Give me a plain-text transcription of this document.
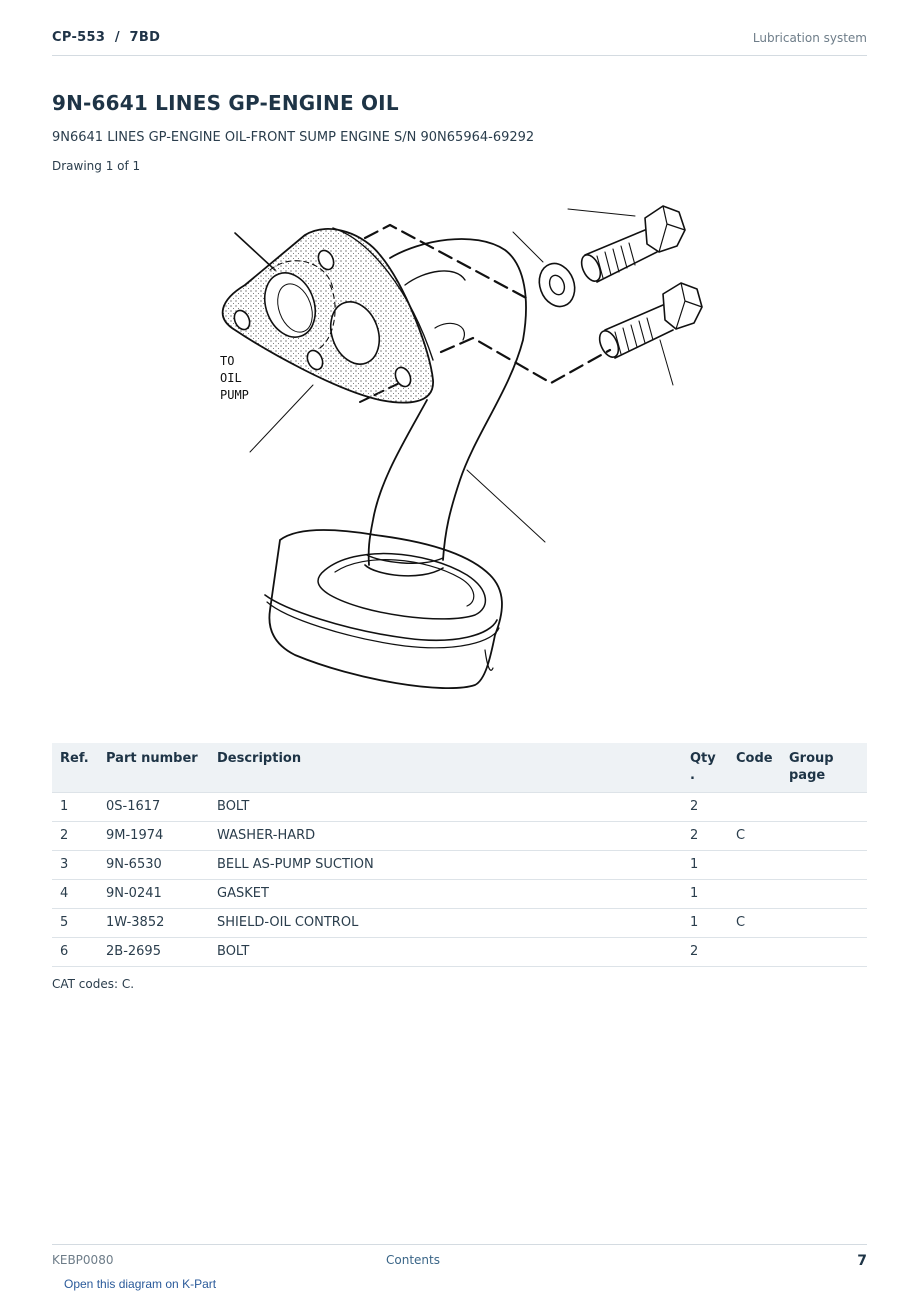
CP-553  /  7BD	Lubrication system
9N-6641 LINES GP-ENGINE OIL
9N6641 LINES GP-ENGINE OIL-FRONT SUMP ENGINE S/N 90N65964-69292
Drawing 1 of 1
TO
OIL
PUMP
Ref.	Part number	Description	Qty .	Code	Group page
1	0S-1617	BOLT	2		
2	9M-1974	WASHER-HARD	2	C	
3	9N-6530	BELL AS-PUMP SUCTION	1		
4	9N-0241	GASKET	1		
5	1W-3852	SHIELD-OIL CONTROL	1	C	
6	2B-2695	BOLT	2		
CAT codes: C.
KEBP0080	Contents	7
Open this diagram on K-Part
